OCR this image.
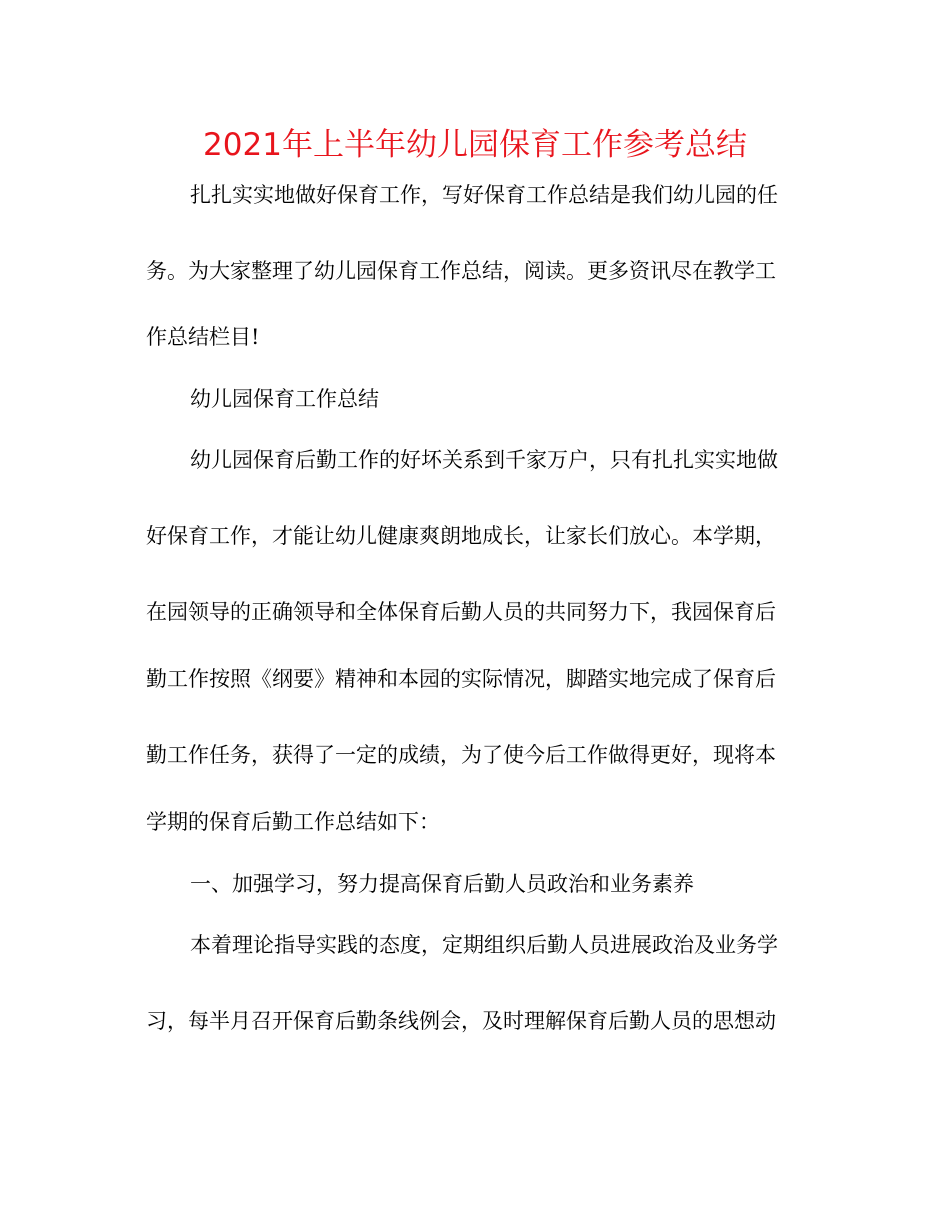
2021年上半年幼儿园保育工作参考总结

扎扎实实地做好保育工作，写好保育工作总结是我们幼儿园的任

务。为大家整理了幼儿园保育工作总结，阅读。更多资讯尽在教学工

作总结栏目!

幼儿园保育工作总结

幼儿园保育后勤工作的好坏关系到千家万户，只有扎扎实实地做

好保育工作，才能让幼儿健康爽朗地成长，让家长们放心。本学期，

在园领导的正确领导和全体保育后勤人员的共同努力下，我园保育后

勤工作按照《纲要》精神和本园的实际情况，脚踏实地完成了保育后

勤工作任务，获得了一定的成绩，为了使今后工作做得更好，现将本

学期的保育后勤工作总结如下：

一、加强学习，努力提高保育后勤人员政治和业务素养

本着理论指导实践的态度，定期组织后勤人员进展政治及业务学

习，每半月召开保育后勤条线例会，及时理解保育后勤人员的思想动
